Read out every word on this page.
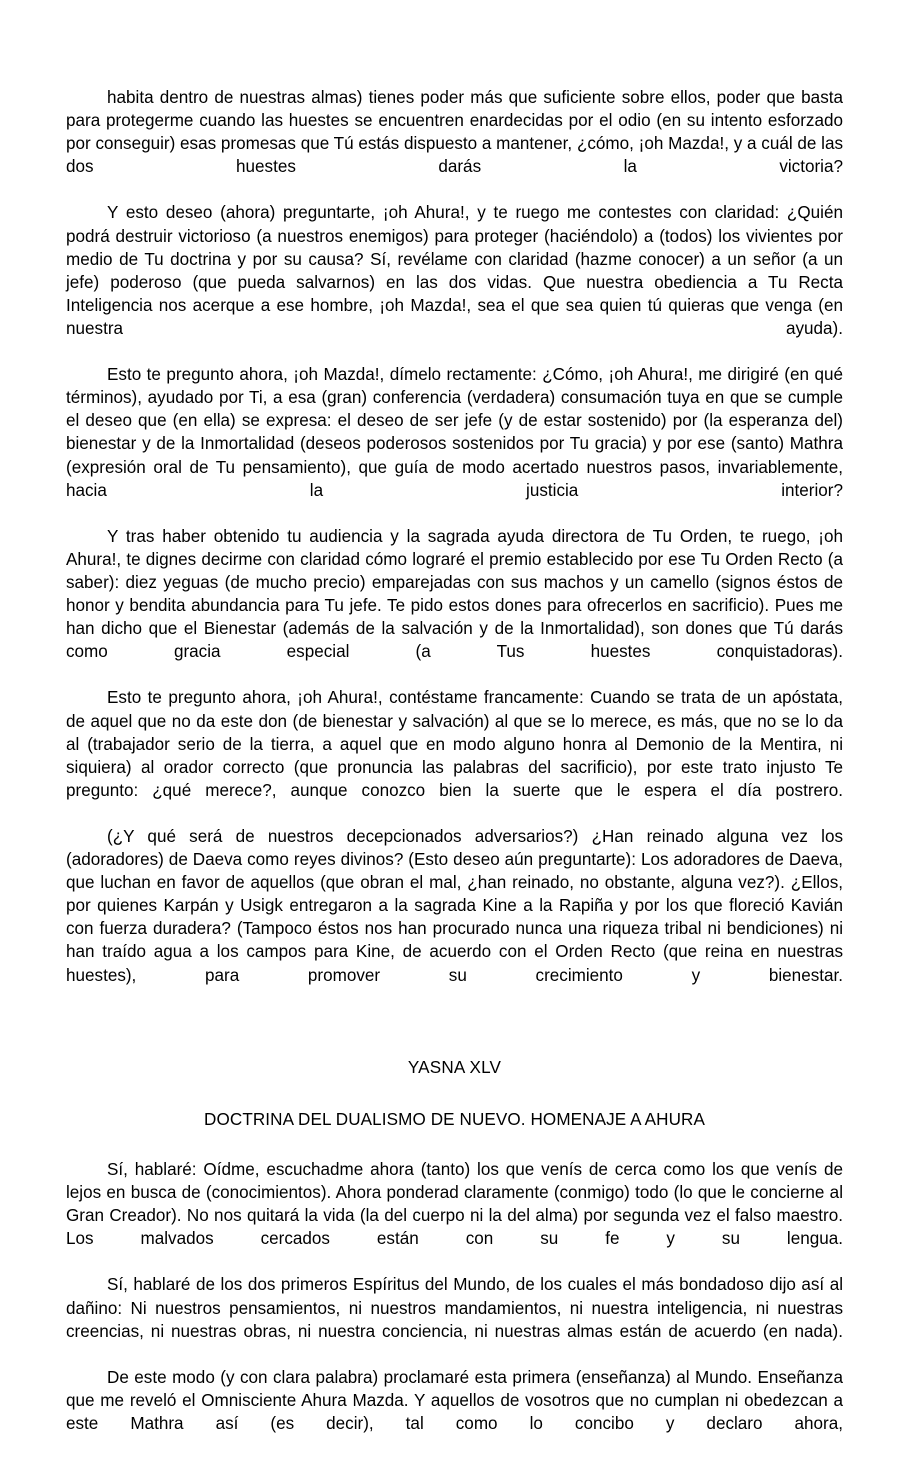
habita dentro de nuestras almas) tienes poder más que suficiente sobre ellos, poder que basta para protegerme cuando las huestes se encuentren enardecidas por el odio (en su intento esforzado por conseguir) esas promesas que Tú estás dispuesto a mantener, ¿cómo, ¡oh Mazda!, y a cuál de las dos huestes darás la victoria?

Y esto deseo (ahora) preguntarte, ¡oh Ahura!, y te ruego me contestes con claridad: ¿Quién podrá destruir victorioso (a nuestros enemigos) para proteger (haciéndolo) a (todos) los vivientes por medio de Tu doctrina y por su causa? Sí, revélame con claridad (hazme conocer) a un señor (a un jefe) poderoso (que pueda salvarnos) en las dos vidas. Que nuestra obediencia a Tu Recta Inteligencia nos acerque a ese hombre, ¡oh Mazda!, sea el que sea quien tú quieras que venga (en nuestra ayuda).

Esto te pregunto ahora, ¡oh Mazda!, dímelo rectamente: ¿Cómo, ¡oh Ahura!, me dirigiré (en qué términos), ayudado por Ti, a esa (gran) conferencia (verdadera) consumación tuya en que se cumple el deseo que (en ella) se expresa: el deseo de ser jefe (y de estar sostenido) por (la esperanza del) bienestar y de la Inmortalidad (deseos poderosos sostenidos por Tu gracia) y por ese (santo) Mathra (expresión oral de Tu pensamiento), que guía de modo acertado nuestros pasos, invariablemente, hacia la justicia interior?

Y tras haber obtenido tu audiencia y la sagrada ayuda directora de Tu Orden, te ruego, ¡oh Ahura!, te dignes decirme con claridad cómo lograré el premio establecido por ese Tu Orden Recto (a saber): diez yeguas (de mucho precio) emparejadas con sus machos y un camello (signos éstos de honor y bendita abundancia para Tu jefe. Te pido estos dones para ofrecerlos en sacrificio). Pues me han dicho que el Bienestar (además de la salvación y de la Inmortalidad), son dones que Tú darás como gracia especial (a Tus huestes conquistadoras).

Esto te pregunto ahora, ¡oh Ahura!, contéstame francamente: Cuando se trata de un apóstata, de aquel que no da este don (de bienestar y salvación) al que se lo merece, es más, que no se lo da al (trabajador serio de la tierra, a aquel que en modo alguno honra al Demonio de la Mentira, ni siquiera) al orador correcto (que pronuncia las palabras del sacrificio), por este trato injusto Te pregunto: ¿qué merece?, aunque conozco bien la suerte que le espera el día postrero.

(¿Y qué será de nuestros decepcionados adversarios?) ¿Han reinado alguna vez los (adoradores) de Daeva como reyes divinos? (Esto deseo aún preguntarte): Los adoradores de Daeva, que luchan en favor de aquellos (que obran el mal, ¿han reinado, no obstante, alguna vez?). ¿Ellos, por quienes Karpán y Usigk entregaron a la sagrada Kine a la Rapiña y por los que floreció Kavián con fuerza duradera? (Tampoco éstos nos han procurado nunca una riqueza tribal ni bendiciones) ni han traído agua a los campos para Kine, de acuerdo con el Orden Recto (que reina en nuestras huestes), para promover su crecimiento y bienestar.

YASNA XLV
DOCTRINA DEL DUALISMO DE NUEVO. HOMENAJE A AHURA

Sí, hablaré: Oídme, escuchadme ahora (tanto) los que venís de cerca como los que venís de lejos en busca de (conocimientos). Ahora ponderad claramente (conmigo) todo (lo que le concierne al Gran Creador). No nos quitará la vida (la del cuerpo ni la del alma) por segunda vez el falso maestro. Los malvados cercados están con su fe y su lengua.

Sí, hablaré de los dos primeros Espíritus del Mundo, de los cuales el más bondadoso dijo así al dañino: Ni nuestros pensamientos, ni nuestros mandamientos, ni nuestra inteligencia, ni nuestras creencias, ni nuestras obras, ni nuestra conciencia, ni nuestras almas están de acuerdo (en nada).

De este modo (y con clara palabra) proclamaré esta primera (enseñanza) al Mundo. Enseñanza que me reveló el Omnisciente Ahura Mazda. Y aquellos de vosotros que no cumplan ni obedezcan a este Mathra así (es decir), tal como lo concibo y declaro ahora,
